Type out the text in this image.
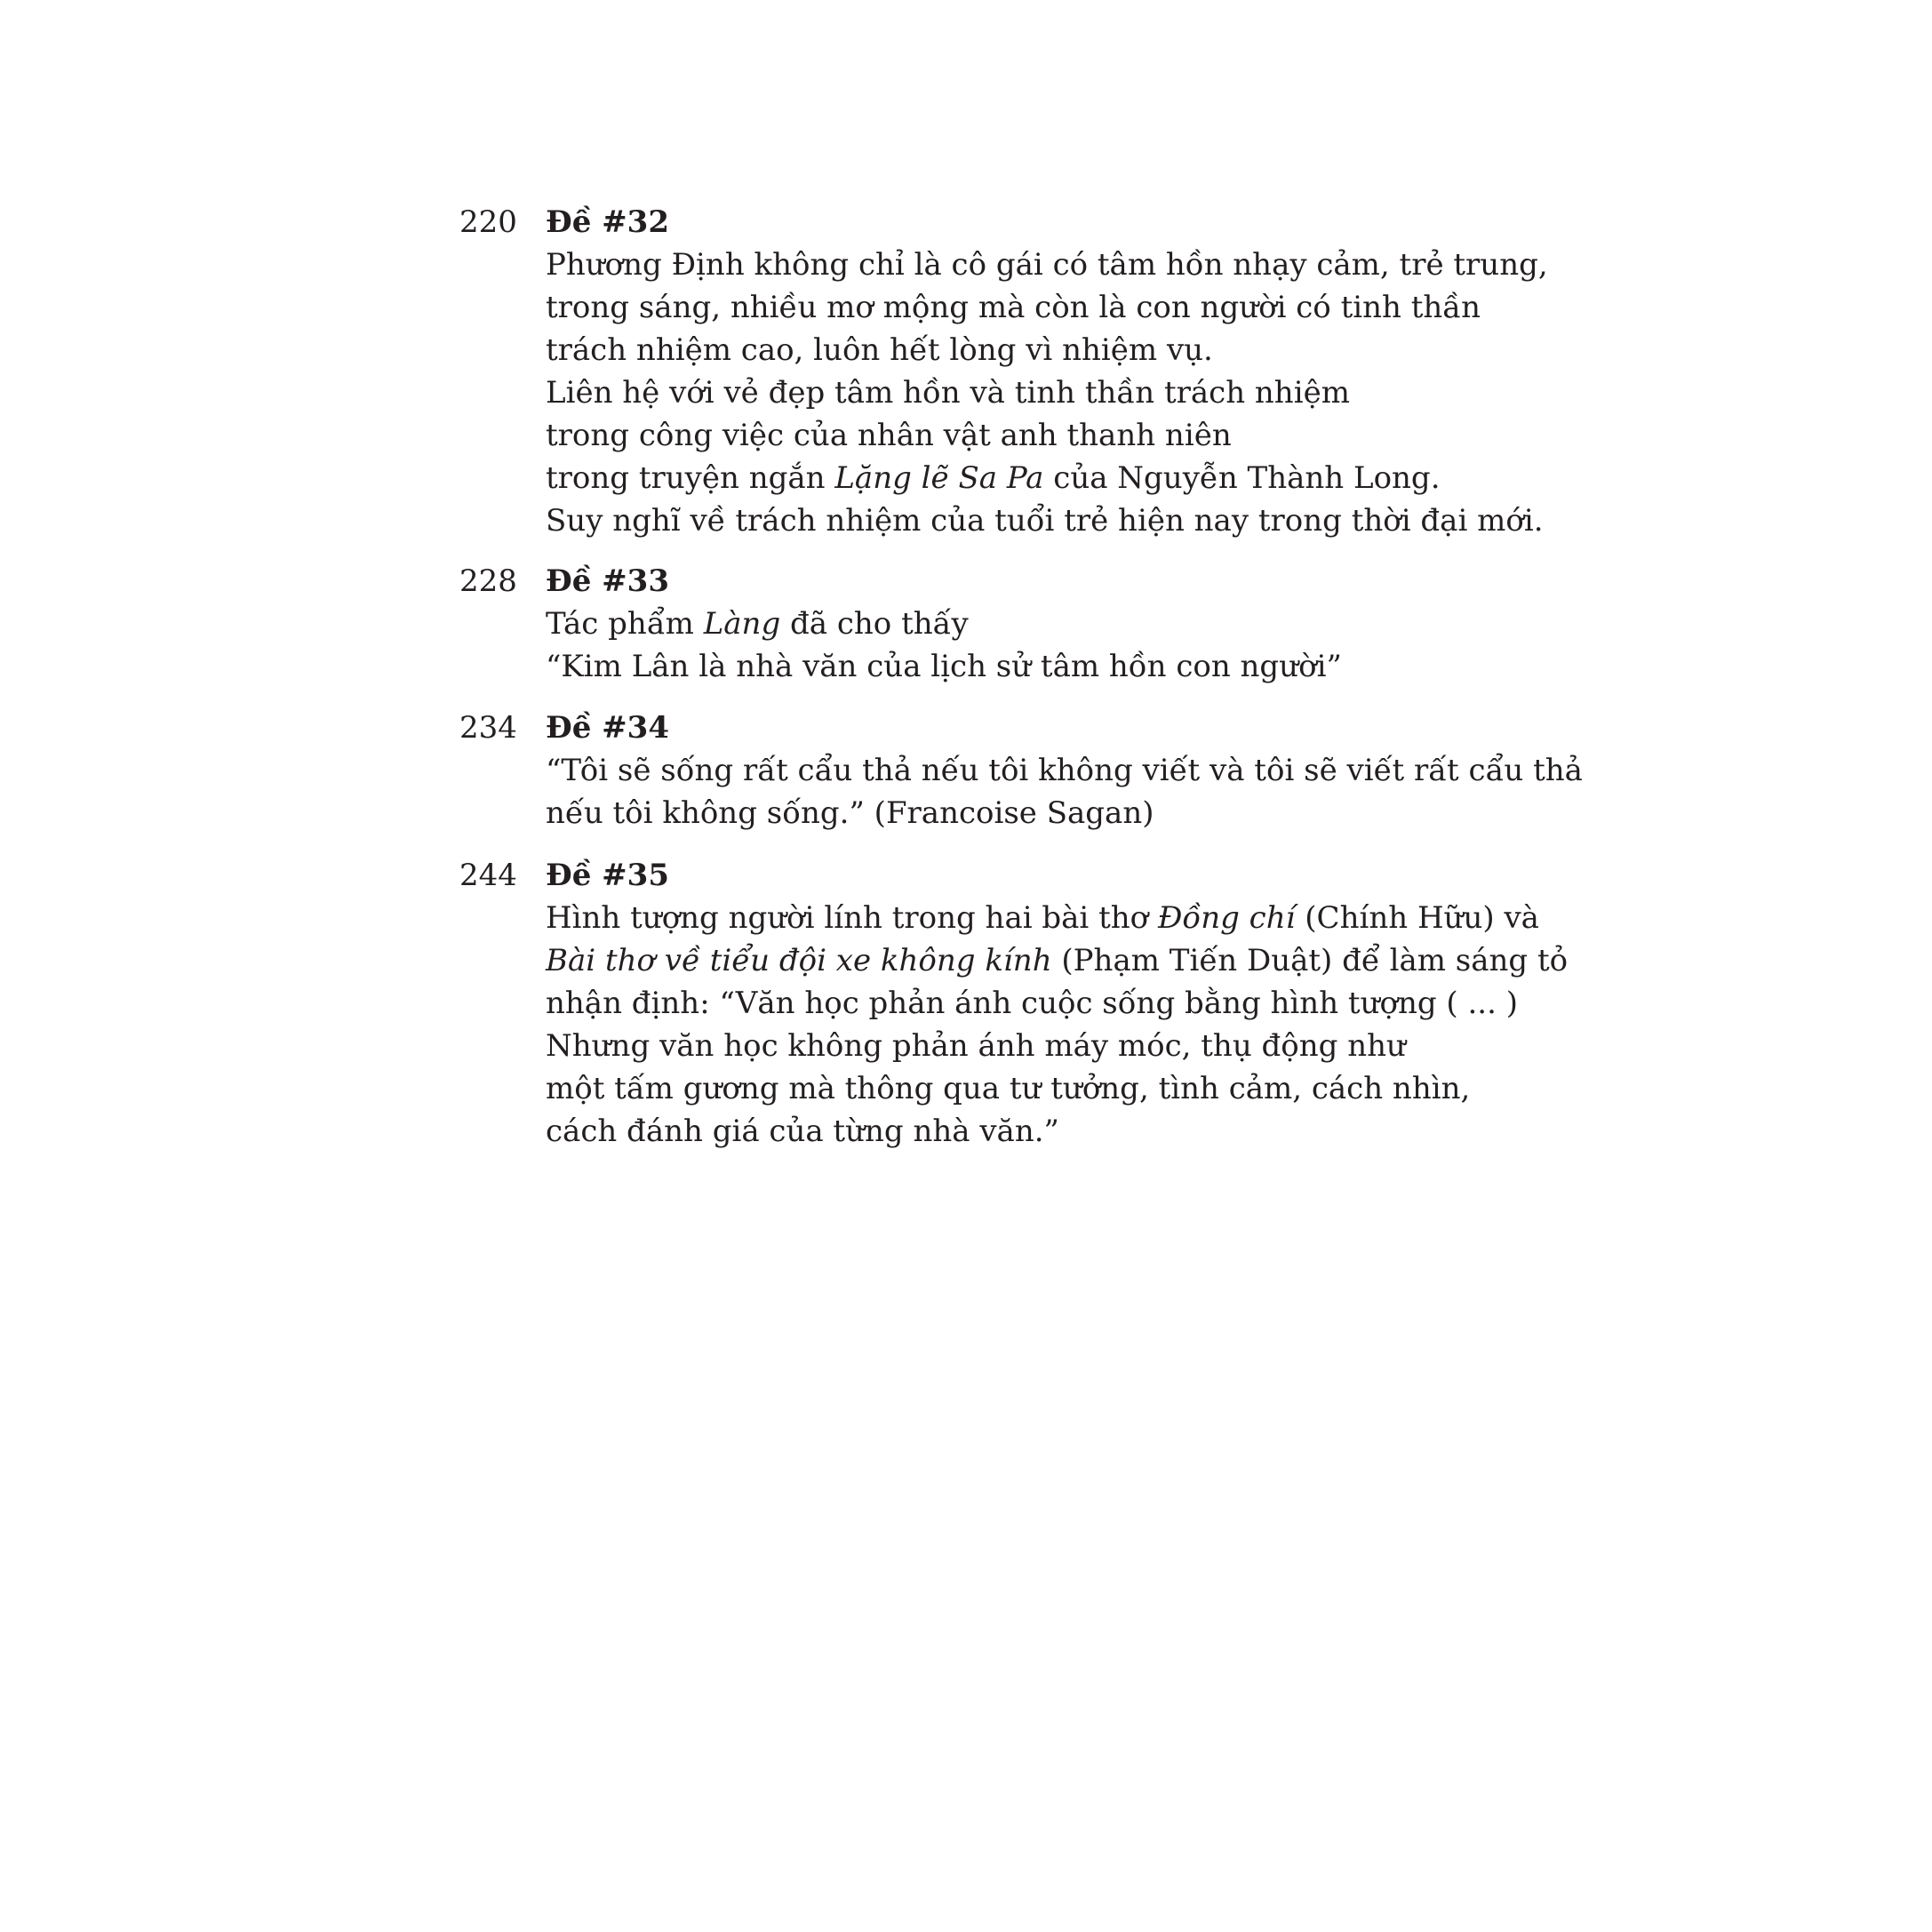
220 Đề #32
Phương Định không chỉ là cô gái có tâm hồn nhạy cảm, trẻ trung,
trong sáng, nhiều mơ mộng mà còn là con người có tinh thần
trách nhiệm cao, luôn hết lòng vì nhiệm vụ.
Liên hệ với vẻ đẹp tâm hồn và tinh thần trách nhiệm
trong công việc của nhân vật anh thanh niên
trong truyện ngắn Lặng lẽ Sa Pa của Nguyễn Thành Long.
Suy nghĩ về trách nhiệm của tuổi trẻ hiện nay trong thời đại mới.
228 Đề #33
Tác phẩm Làng đã cho thấy
“Kim Lân là nhà văn của lịch sử tâm hồn con người”
234 Đề #34
“Tôi sẽ sống rất cẩu thả nếu tôi không viết và tôi sẽ viết rất cẩu thả
nếu tôi không sống.” (Francoise Sagan)
244 Đề #35
Hình tượng người lính trong hai bài thơ Đồng chí (Chính Hữu) và
Bài thơ về tiểu đội xe không kính (Phạm Tiến Duật) để làm sáng tỏ
nhận định: “Văn học phản ánh cuộc sống bằng hình tượng ( ... )
Nhưng văn học không phản ánh máy móc, thụ động như
một tấm gương mà thông qua tư tưởng, tình cảm, cách nhìn,
cách đánh giá của từng nhà văn.”
